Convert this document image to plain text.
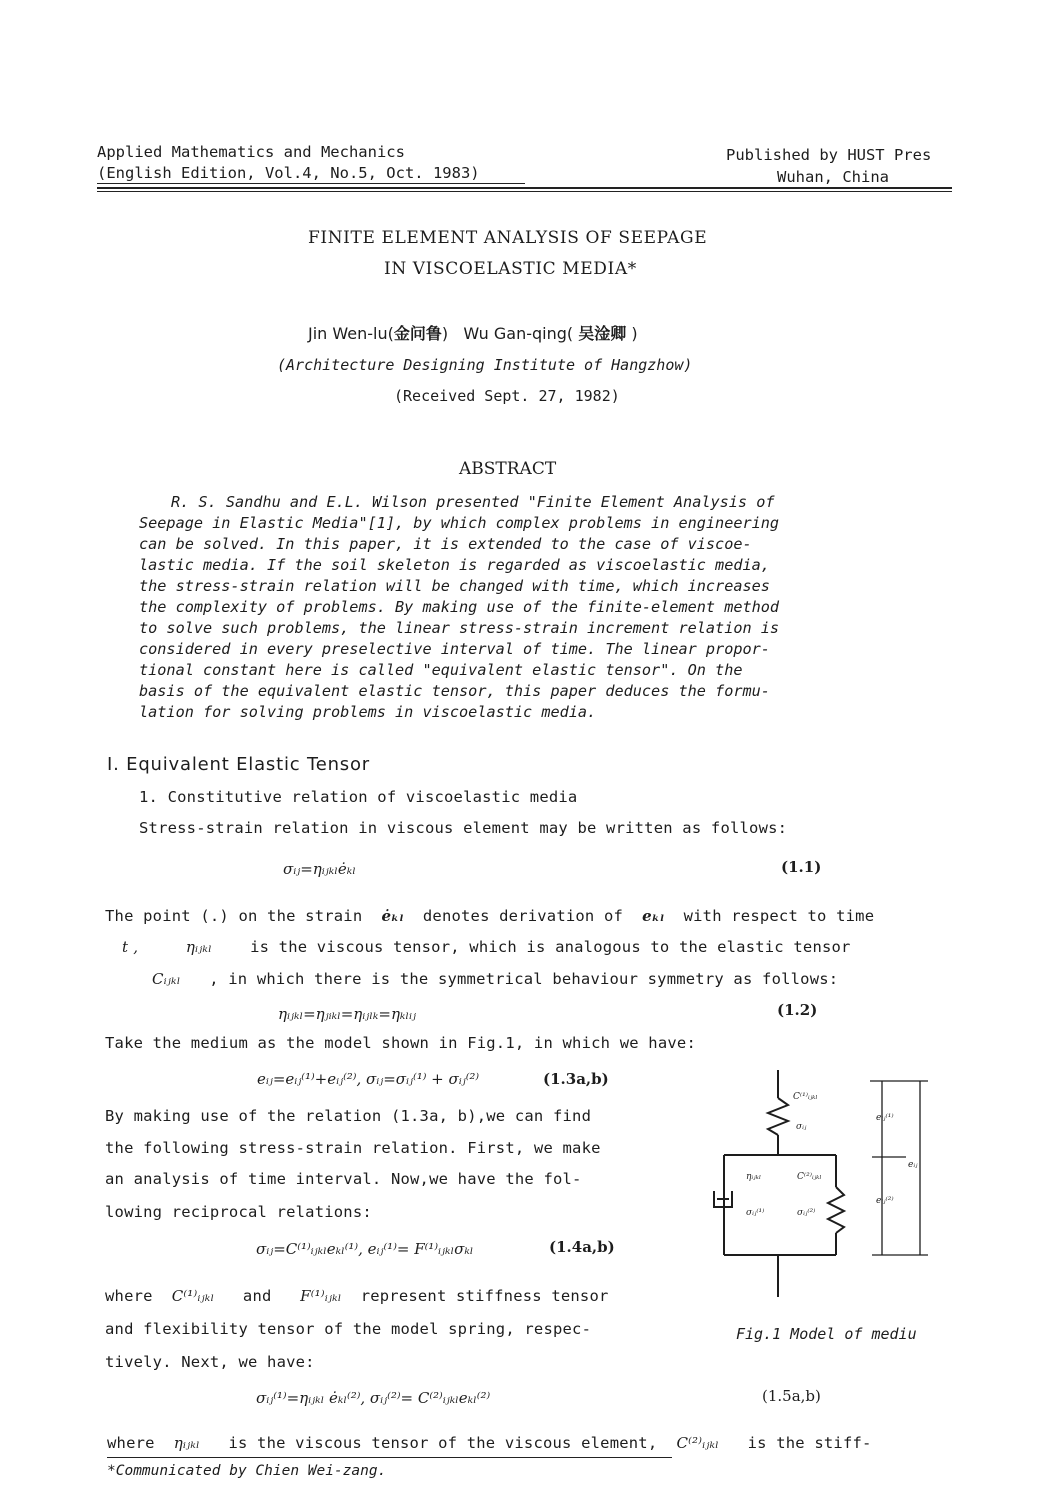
Applied Mathematics and Mechanics
(English Edition, Vol.4, No.5, Oct. 1983)
Published by HUST Pres
Wuhan, China
FINITE ELEMENT ANALYSIS OF SEEPAGE
IN VISCOELASTIC MEDIA*
Jin Wen-lu(金问鲁) Wu Gan-qing( 吴淦卿 )
(Architecture Designing Institute of Hangzhow)
(Received Sept. 27, 1982)
ABSTRACT
R. S. Sandhu and E.L. Wilson presented "Finite Element Analysis of
Seepage in Elastic Media"[1], by which complex problems in engineering
can be solved. In this paper, it is extended to the case of viscoe-
lastic media. If the soil skeleton is regarded as viscoelastic media,
the stress-strain relation will be changed with time, which increases
the complexity of problems. By making use of the finite-element method
to solve such problems, the linear stress-strain increment relation is
considered in every preselective interval of time. The linear propor-
tional constant here is called "equivalent elastic tensor". On the
basis of the equivalent elastic tensor, this paper deduces the formu-
lation for solving problems in viscoelastic media.
I. Equivalent Elastic Tensor
1. Constitutive relation of viscoelastic media
Stress-strain relation in viscous element may be written as follows:
σᵢⱼ=ηᵢⱼₖₗėₖₗ	(1.1)
The point (.) on the strain ėₖₗ denotes derivation of eₖₗ with respect to time
t ,	ηᵢⱼₖₗ is the viscous tensor, which is analogous to the elastic tensor
Cᵢⱼₖₗ , in which there is the symmetrical behaviour symmetry as follows:
ηᵢⱼₖₗ=ηⱼᵢₖₗ=ηᵢⱼₗₖ=ηₖₗᵢⱼ	(1.2)
Take the medium as the model shown in Fig.1, in which we have:
eᵢⱼ=eᵢⱼ⁽¹⁾+eᵢⱼ⁽²⁾, σᵢⱼ=σᵢⱼ⁽¹⁾ + σᵢⱼ⁽²⁾	(1.3a,b)
By making use of the relation (1.3a, b),we can find
the following stress-strain relation. First, we make
an analysis of time interval. Now,we have the fol-
lowing reciprocal relations:
σᵢⱼ=C⁽¹⁾ᵢⱼₖₗeₖₗ⁽¹⁾, eᵢⱼ⁽¹⁾= F⁽¹⁾ᵢⱼₖₗσₖₗ	(1.4a,b)
where C⁽¹⁾ᵢⱼₖₗ and F⁽¹⁾ᵢⱼₖₗ represent stiffness tensor
and flexibility tensor of the model spring, respec-
tively. Next, we have:
σᵢⱼ⁽¹⁾=ηᵢⱼₖₗ ėₖₗ⁽²⁾, σᵢⱼ⁽²⁾= C⁽²⁾ᵢⱼₖₗeₖₗ⁽²⁾	(1.5a,b)
where ηᵢⱼₖₗ is the viscous tensor of the viscous element, C⁽²⁾ᵢⱼₖₗ is the stiff-
*Communicated by Chien Wei-zang.
C⁽¹⁾ᵢⱼₖₗ
σᵢⱼ
ηᵢⱼₖₗ	C⁽²⁾ᵢⱼₖₗ
σᵢⱼ⁽¹⁾	σᵢⱼ⁽²⁾
eᵢⱼ⁽¹⁾
eᵢⱼ⁽²⁾
eᵢⱼ
Fig.1 Model of mediu
